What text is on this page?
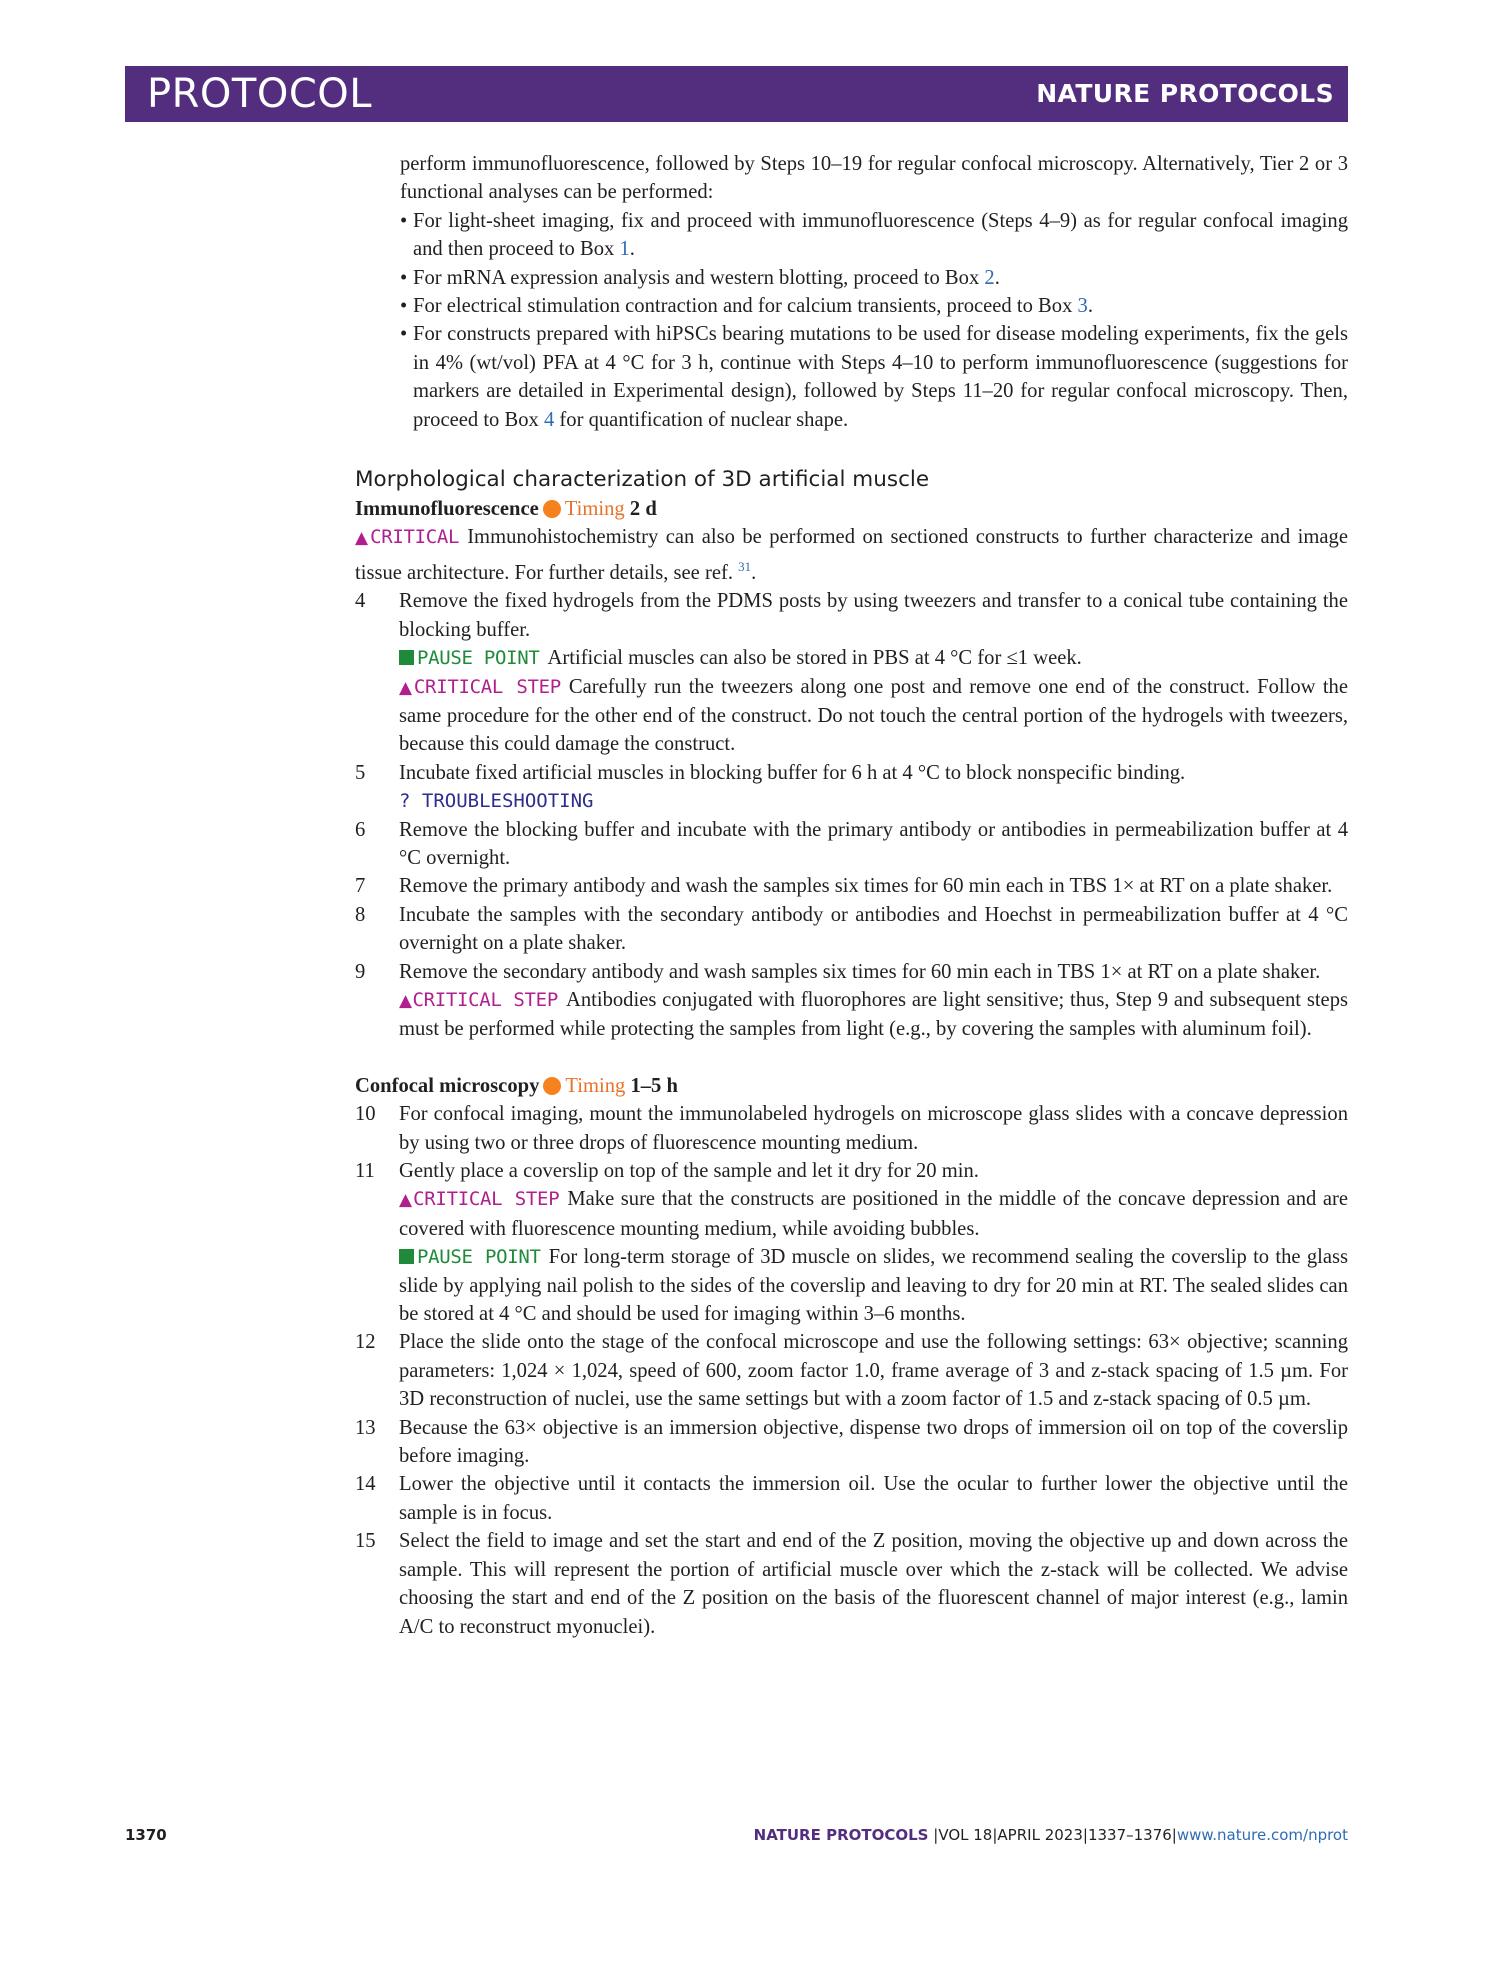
PROTOCOL	NATURE PROTOCOLS

perform immunofluorescence, followed by Steps 10–19 for regular confocal microscopy. Alternatively, Tier 2 or 3 functional analyses can be performed:

• For light-sheet imaging, fix and proceed with immunofluorescence (Steps 4–9) as for regular confocal imaging and then proceed to Box 1.
• For mRNA expression analysis and western blotting, proceed to Box 2.
• For electrical stimulation contraction and for calcium transients, proceed to Box 3.
• For constructs prepared with hiPSCs bearing mutations to be used for disease modeling experiments, fix the gels in 4% (wt/vol) PFA at 4 °C for 3 h, continue with Steps 4–10 to perform immunofluorescence (suggestions for markers are detailed in Experimental design), followed by Steps 11–20 for regular confocal microscopy. Then, proceed to Box 4 for quantification of nuclear shape.
Morphological characterization of 3D artificial muscle

Immunofluorescence Timing 2 d

▲CRITICAL Immunohistochemistry can also be performed on sectioned constructs to further characterize and image tissue architecture. For further details, see ref. $^{31}$.

4 Remove the fixed hydrogels from the PDMS posts by using tweezers and transfer to a conical tube containing the blocking buffer.
PAUSE POINT Artificial muscles can also be stored in PBS at 4 °C for ≤1 week.
▲CRITICAL STEP Carefully run the tweezers along one post and remove one end of the construct. Follow the same procedure for the other end of the construct. Do not touch the central portion of the hydrogels with tweezers, because this could damage the construct.
5 Incubate fixed artificial muscles in blocking buffer for 6 h at 4 °C to block nonspecific binding.
? TROUBLESHOOTING
6 Remove the blocking buffer and incubate with the primary antibody or antibodies in permeabilization buffer at 4 °C overnight.
7 Remove the primary antibody and wash the samples six times for 60 min each in TBS 1× at RT on a plate shaker.
8 Incubate the samples with the secondary antibody or antibodies and Hoechst in permeabilization buffer at 4 °C overnight on a plate shaker.
9 Remove the secondary antibody and wash samples six times for 60 min each in TBS 1× at RT on a plate shaker.
▲CRITICAL STEP Antibodies conjugated with fluorophores are light sensitive; thus, Step 9 and subsequent steps must be performed while protecting the samples from light (e.g., by covering the samples with aluminum foil).

Confocal microscopy Timing 1–5 h

10 For confocal imaging, mount the immunolabeled hydrogels on microscope glass slides with a concave depression by using two or three drops of fluorescence mounting medium.
11 Gently place a coverslip on top of the sample and let it dry for 20 min.
▲CRITICAL STEP Make sure that the constructs are positioned in the middle of the concave depression and are covered with fluorescence mounting medium, while avoiding bubbles.
PAUSE POINT For long-term storage of 3D muscle on slides, we recommend sealing the coverslip to the glass slide by applying nail polish to the sides of the coverslip and leaving to dry for 20 min at RT. The sealed slides can be stored at 4 °C and should be used for imaging within 3–6 months.
12 Place the slide onto the stage of the confocal microscope and use the following settings: 63× objective; scanning parameters: 1,024 × 1,024, speed of 600, zoom factor 1.0, frame average of 3 and z-stack spacing of 1.5 µm. For 3D reconstruction of nuclei, use the same settings but with a zoom factor of 1.5 and z-stack spacing of 0.5 µm.
13 Because the 63× objective is an immersion objective, dispense two drops of immersion oil on top of the coverslip before imaging.
14 Lower the objective until it contacts the immersion oil. Use the ocular to further lower the objective until the sample is in focus.
15 Select the field to image and set the start and end of the Z position, moving the objective up and down across the sample. This will represent the portion of artificial muscle over which the z-stack will be collected. We advise choosing the start and end of the Z position on the basis of the fluorescent channel of major interest (e.g., lamin A/C to reconstruct myonuclei).
1370	NATURE PROTOCOLS |VOL 18|APRIL 2023|1337–1376|www.nature.com/nprot
